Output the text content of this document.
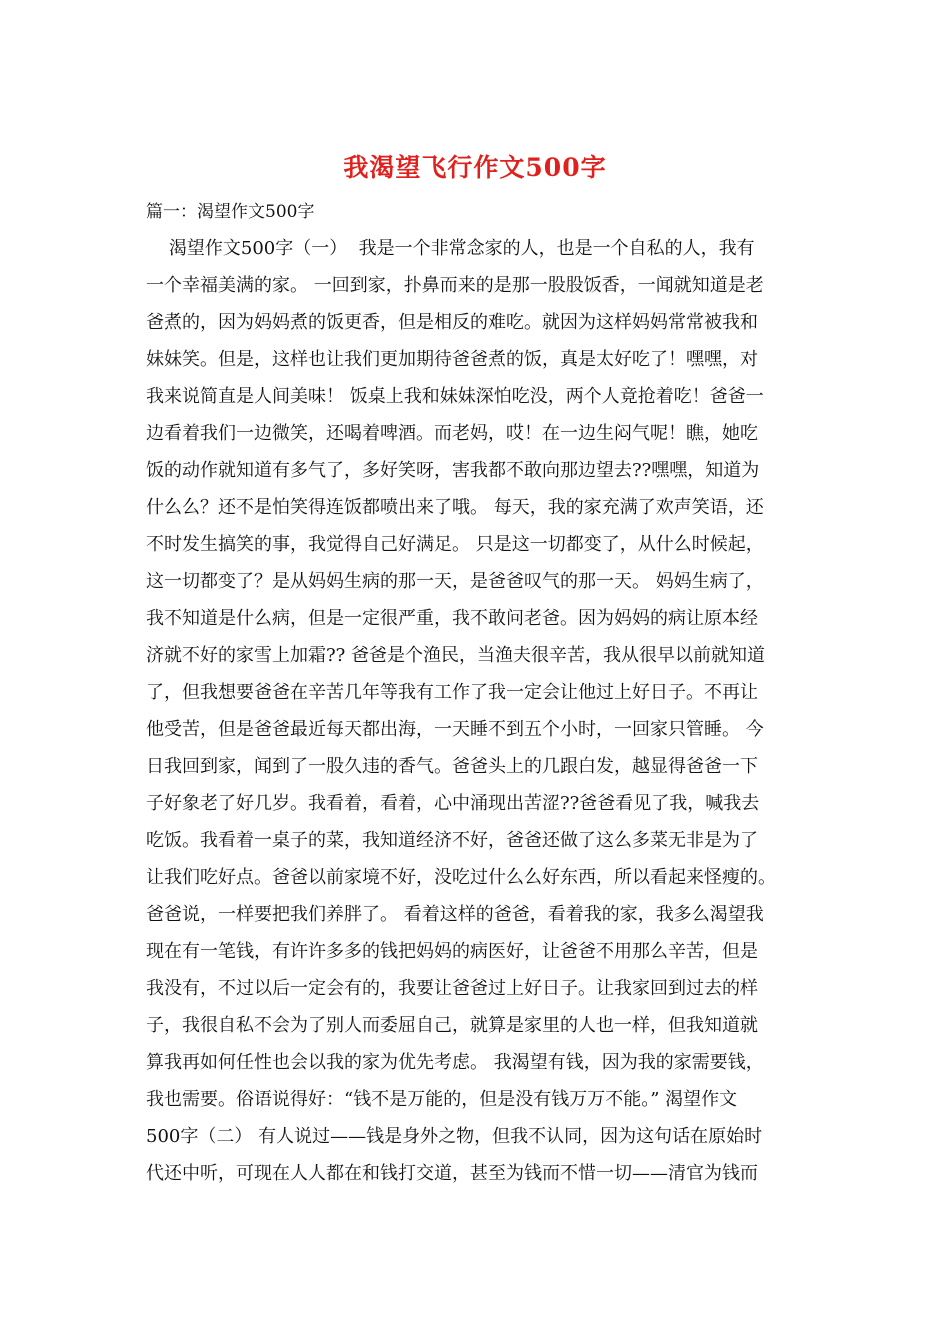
我渴望飞行作文500字
篇一：渴望作文500字
渴望作文500字（一）  我是一个非常念家的人，也是一个自私的人，我有
一个幸福美满的家。 一回到家，扑鼻而来的是那一股股饭香，一闻就知道是老
爸煮的，因为妈妈煮的饭更香，但是相反的难吃。就因为这样妈妈常常被我和
妹妹笑。但是，这样也让我们更加期待爸爸煮的饭，真是太好吃了！嘿嘿，对
我来说简直是人间美味！ 饭桌上我和妹妹深怕吃没，两个人竟抢着吃！爸爸一
边看着我们一边微笑，还喝着啤酒。而老妈，哎！在一边生闷气呢！瞧，她吃
饭的动作就知道有多气了，多好笑呀，害我都不敢向那边望去??嘿嘿，知道为
什么么？还不是怕笑得连饭都喷出来了哦。 每天，我的家充满了欢声笑语，还
不时发生搞笑的事，我觉得自己好满足。 只是这一切都变了，从什么时候起，
这一切都变了？是从妈妈生病的那一天，是爸爸叹气的那一天。 妈妈生病了，
我不知道是什么病，但是一定很严重，我不敢问老爸。因为妈妈的病让原本经
济就不好的家雪上加霜?? 爸爸是个渔民，当渔夫很辛苦，我从很早以前就知道
了，但我想要爸爸在辛苦几年等我有工作了我一定会让他过上好日子。不再让
他受苦，但是爸爸最近每天都出海，一天睡不到五个小时，一回家只管睡。 今
日我回到家，闻到了一股久违的香气。爸爸头上的几跟白发，越显得爸爸一下
子好象老了好几岁。我看着，看着，心中涌现出苦涩??爸爸看见了我，喊我去
吃饭。我看着一桌子的菜，我知道经济不好，爸爸还做了这么多菜无非是为了
让我们吃好点。爸爸以前家境不好，没吃过什么么好东西，所以看起来怪瘦的。
爸爸说，一样要把我们养胖了。 看着这样的爸爸，看着我的家，我多么渴望我
现在有一笔钱，有许许多多的钱把妈妈的病医好，让爸爸不用那么辛苦，但是
我没有，不过以后一定会有的，我要让爸爸过上好日子。让我家回到过去的样
子，我很自私不会为了别人而委屈自己，就算是家里的人也一样，但我知道就
算我再如何任性也会以我的家为优先考虑。 我渴望有钱，因为我的家需要钱，
我也需要。俗语说得好：“钱不是万能的，但是没有钱万万不能。” 渴望作文
500字（二） 有人说过——钱是身外之物，但我不认同，因为这句话在原始时
代还中听，可现在人人都在和钱打交道，甚至为钱而不惜一切——清官为钱而
